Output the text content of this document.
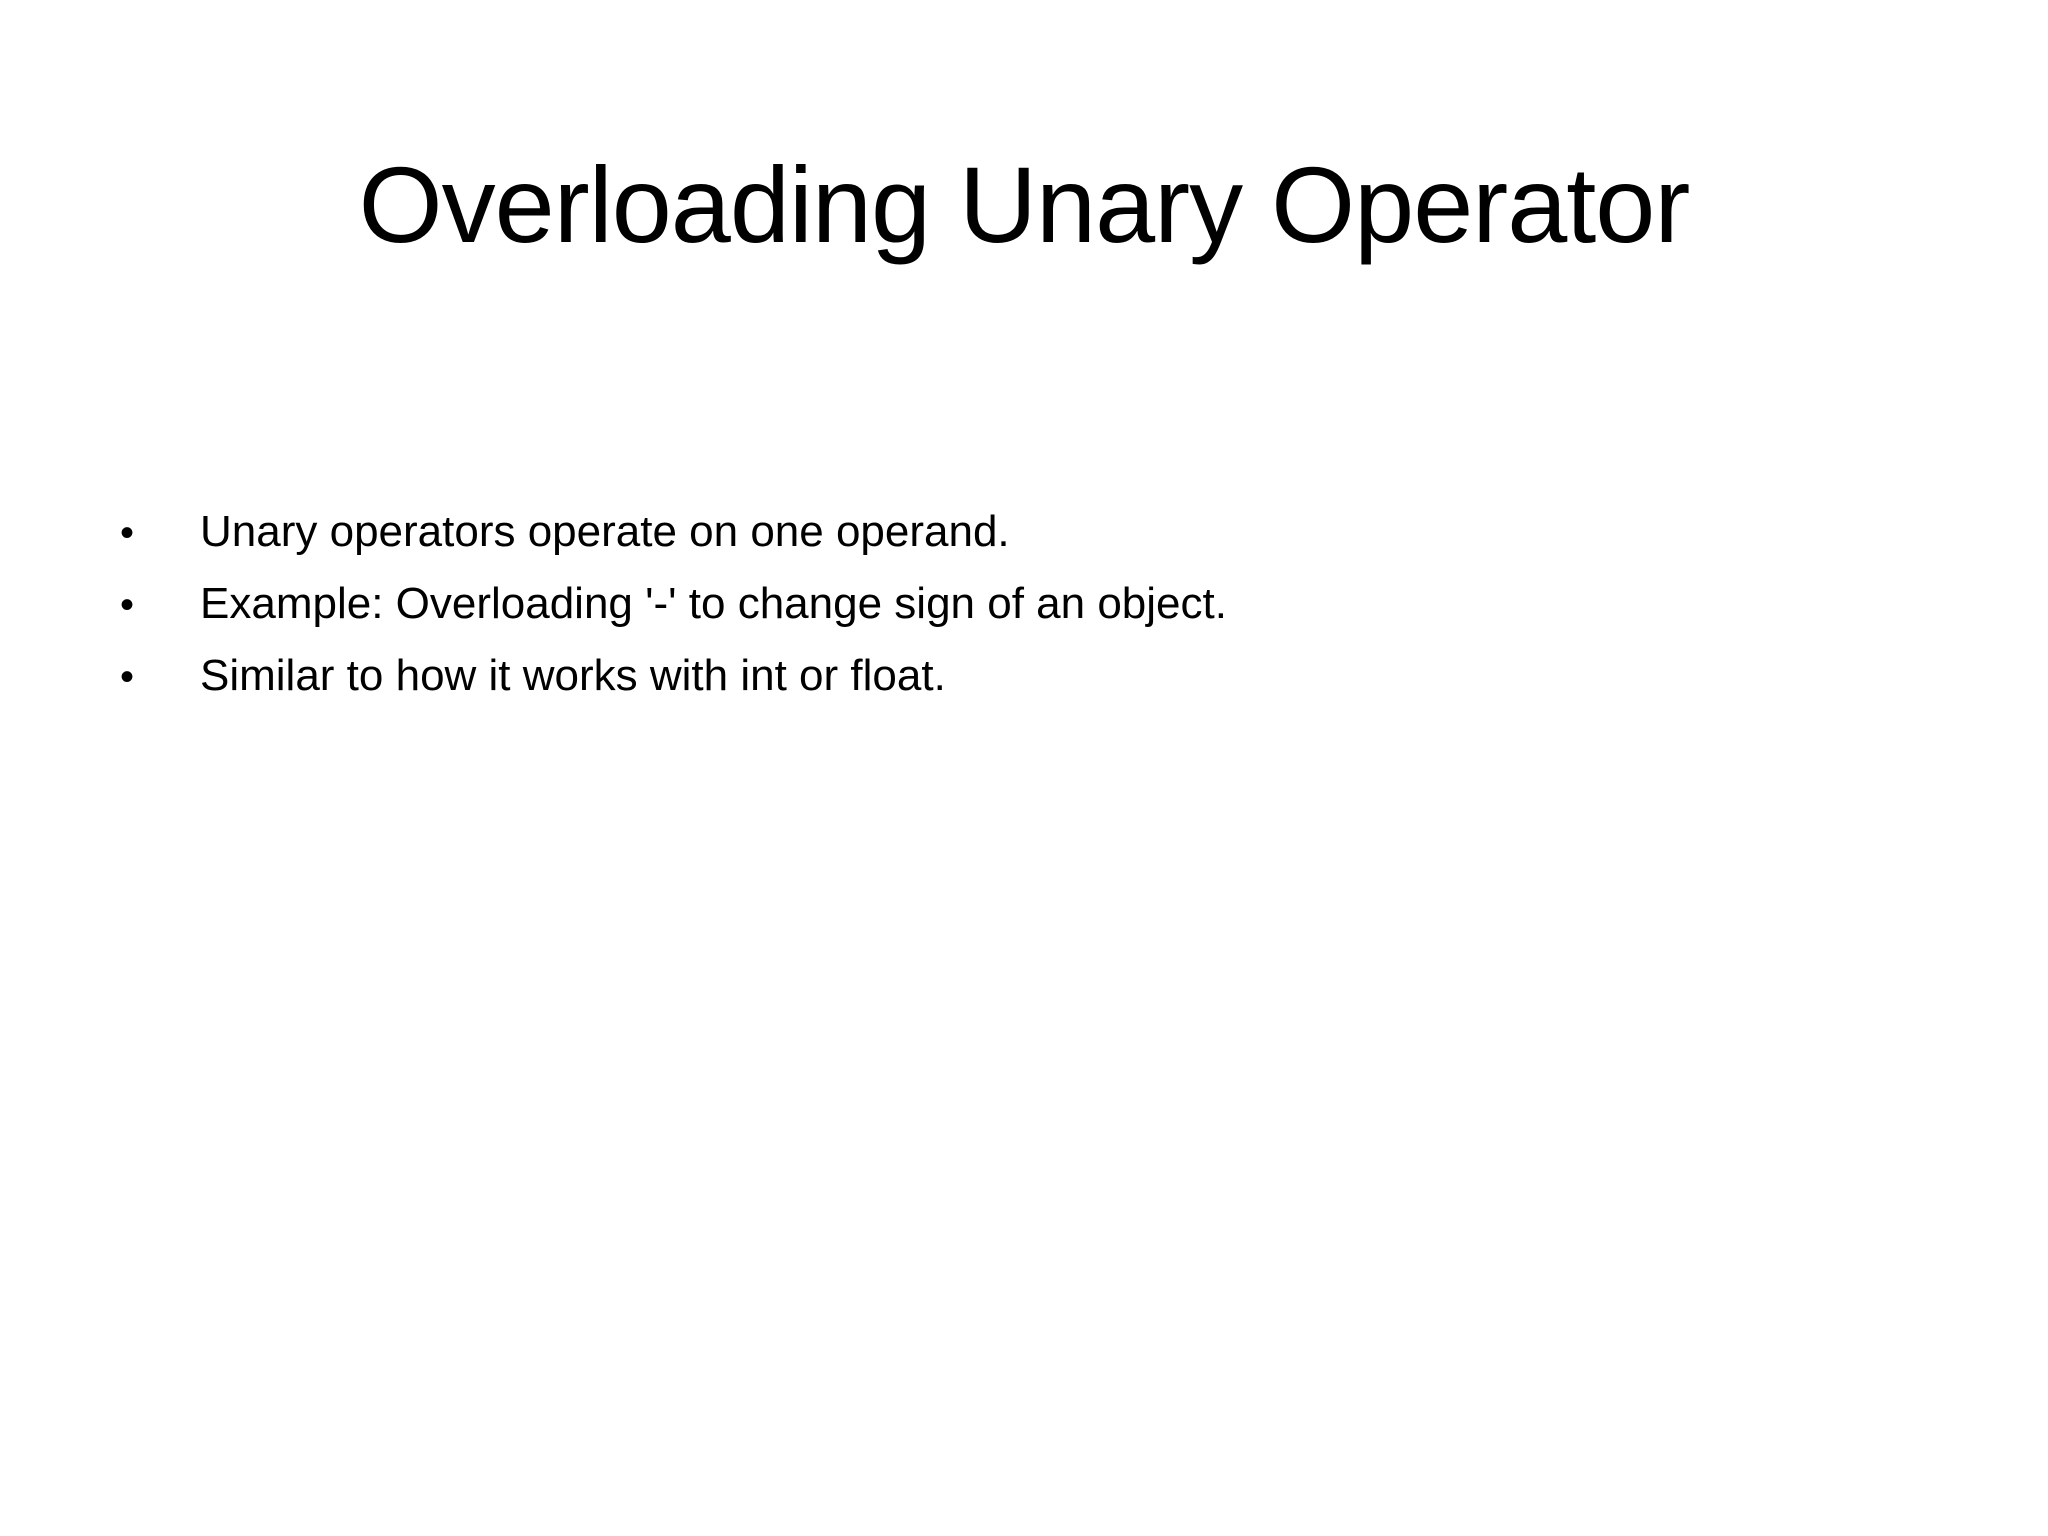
Overloading Unary Operator
•	Unary operators operate on one operand.
•	Example: Overloading '-' to change sign of an object.
•	Similar to how it works with int or float.
